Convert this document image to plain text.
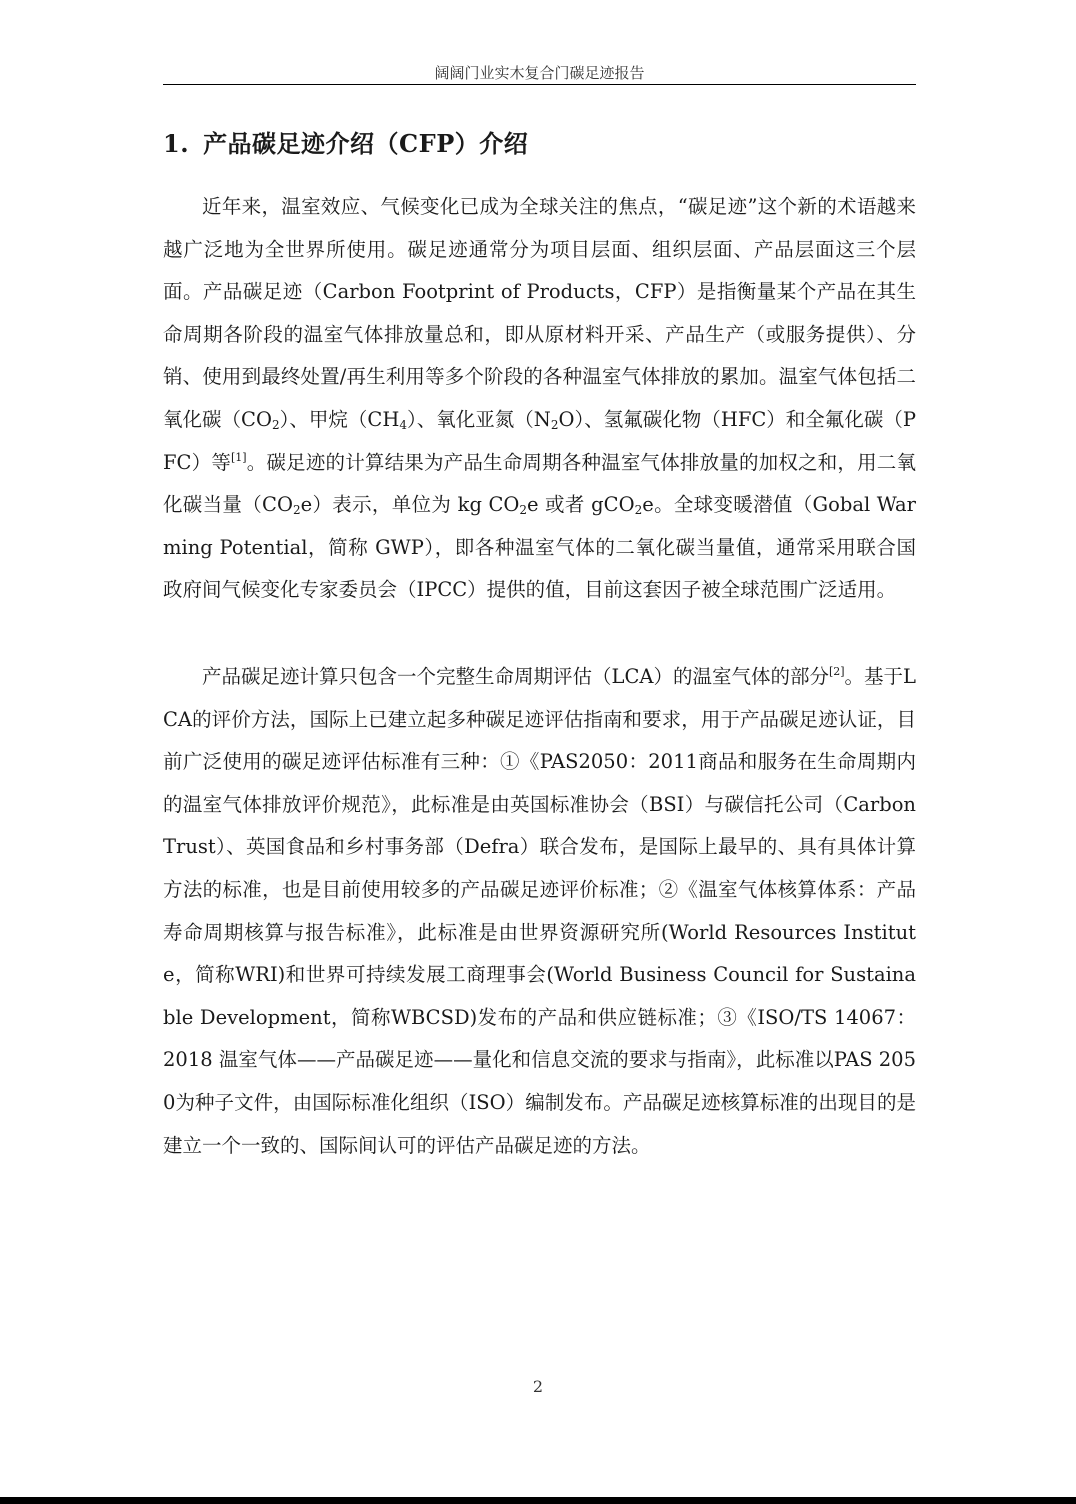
阔阔门业实木复合门碳足迹报告
1. 产品碳足迹介绍（CFP）介绍

近年来，温室效应、气候变化已成为全球关注的焦点，“碳足迹”这个新的术语越来越广泛地为全世界所使用。碳足迹通常分为项目层面、组织层面、产品层面这三个层面。产品碳足迹（Carbon Footprint of Products，CFP）是指衡量某个产品在其生命周期各阶段的温室气体排放量总和，即从原材料开采、产品生产（或服务提供）、分销、使用到最终处置/再生利用等多个阶段的各种温室气体排放的累加。温室气体包括二氧化碳$(CO_2)$、甲烷$(CH_4)$、氧化亚氮$(N_2O)$、氢氟碳化物（HFC）和全氟化碳（PFC）等[1]。碳足迹的计算结果为产品生命周期各种温室气体排放量的加权之和，用二氧化碳当量$(CO_2e)$表示，单位为 kg $CO_2e$ 或者 gCO$_2$e。全球变暖潜值（Gobal Warming Potential，简称 GWP），即各种温室气体的二氧化碳当量值，通常采用联合国政府间气候变化专家委员会（IPCC）提供的值，目前这套因子被全球范围广泛适用。

产品碳足迹计算只包含一个完整生命周期评估（LCA）的温室气体的部分[2]。基于LCA的评价方法，国际上已建立起多种碳足迹评估指南和要求，用于产品碳足迹认证，目前广泛使用的碳足迹评估标准有三种：①《PAS2050：2011商品和服务在生命周期内的温室气体排放评价规范》，此标准是由英国标准协会（BSI）与碳信托公司（Carbon Trust）、英国食品和乡村事务部（Defra）联合发布，是国际上最早的、具有具体计算方法的标准，也是目前使用较多的产品碳足迹评价标准；②《温室气体核算体系：产品寿命周期核算与报告标准》，此标准是由世界资源研究所(World Resources Institute，简称WRI)和世界可持续发展工商理事会(World Business Council for Sustainable Development，简称WBCSD)发布的产品和供应链标准；③《ISO/TS 14067：2018 温室气体——产品碳足迹——量化和信息交流的要求与指南》，此标准以PAS 2050为种子文件，由国际标准化组织（ISO）编制发布。产品碳足迹核算标准的出现目的是建立一个一致的、国际间认可的评估产品碳足迹的方法。

2
